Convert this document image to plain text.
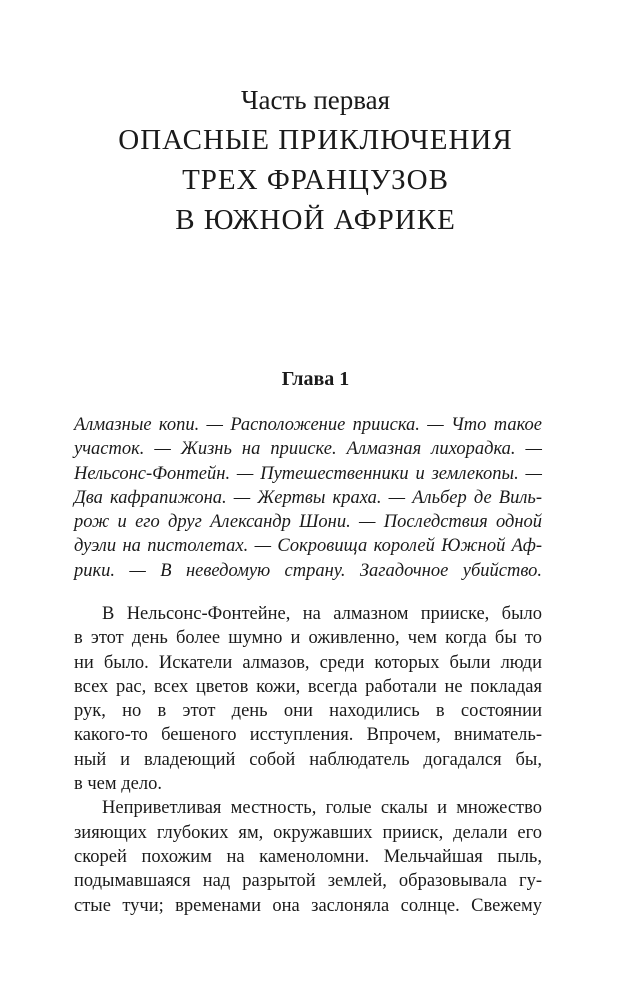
Часть первая
ОПАСНЫЕ ПРИКЛЮЧЕНИЯ
ТРЕХ ФРАНЦУЗОВ
В ЮЖНОЙ АФРИКЕ
Глава 1
Алмазные копи. — Расположение прииска. — Что такое
участок. — Жизнь на прииске. Алмазная лихорадка. —
Нельсонс-Фонтейн. — Путешественники и землекопы. —
Два кафрапижона. — Жертвы краха. — Альбер де Виль-
рож и его друг Александр Шони. — Последствия одной
дуэли на пистолетах. — Сокровища королей Южной Аф-
рики. — В неведомую страну. Загадочное убийство.
В Нельсонс-Фонтейне, на алмазном прииске, было
в этот день более шумно и оживленно, чем когда бы то
ни было. Искатели алмазов, среди которых были люди
всех рас, всех цветов кожи, всегда работали не покладая
рук, но в этот день они находились в состоянии
какого-то бешеного исступления. Впрочем, вниматель-
ный и владеющий собой наблюдатель догадался бы,
в чем дело.
Неприветливая местность, голые скалы и множество
зияющих глубоких ям, окружавших прииск, делали его
скорей похожим на каменоломни. Мельчайшая пыль,
подымавшаяся над разрытой землей, образовывала гу-
стые тучи; временами она заслоняла солнце. Свежему
